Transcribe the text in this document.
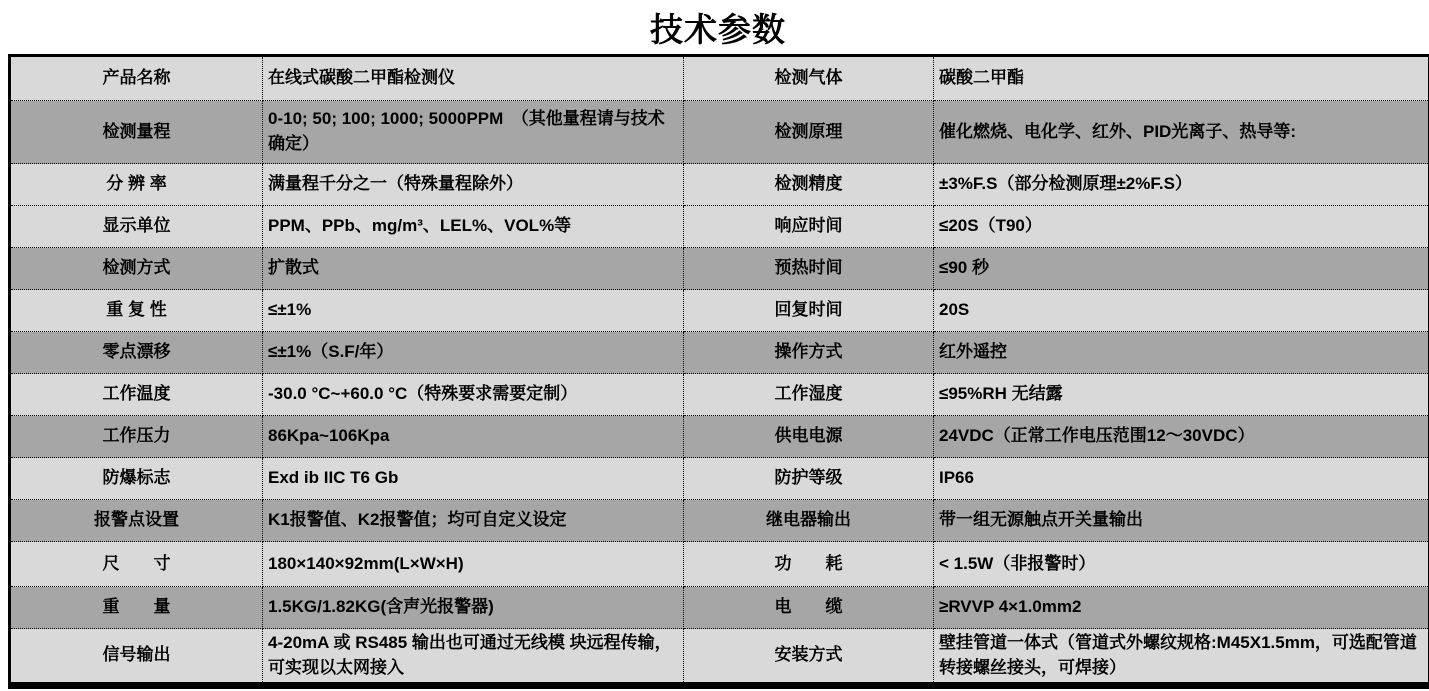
技术参数
产品名称	在线式碳酸二甲酯检测仪	检测气体	碳酸二甲酯
检测量程	0-10; 50; 100; 1000; 5000PPM　（其他量程请与技术确定）	检测原理	催化燃烧、电化学、红外、PID光离子、热导等:
分 辨 率	满量程千分之一（特殊量程除外）	检测精度	±3%F.S（部分检测原理±2%F.S）
显示单位	PPM、PPb、mg/m³、LEL%、VOL%等	响应时间	≤20S（T90）
检测方式	扩散式	预热时间	≤90 秒
重 复 性	≤±1%	回复时间	20S
零点漂移	≤±1%（S.F/年）	操作方式	红外遥控
工作温度	-30.0 °C~+60.0 °C（特殊要求需要定制）	工作湿度	≤95%RH 无结露
工作压力	86Kpa~106Kpa	供电电源	24VDC（正常工作电压范围12～30VDC）
防爆标志	Exd ib IIC T6 Gb	防护等级	IP66
报警点设置	K1报警值、K2报警值；均可自定义设定	继电器输出	带一组无源触点开关量输出
尺　　寸	180×140×92mm(L×W×H)	功　　耗	< 1.5W（非报警时）
重　　量	1.5KG/1.82KG(含声光报警器)	电　　缆	≥RVVP 4×1.0mm2
信号输出	4-20mA 或 RS485 输出也可通过无线模 块远程传输，可实现以太网接入	安装方式	壁挂管道一体式（管道式外螺纹规格:M45X1.5mm，可选配管道转接螺丝接头，可焊接）
